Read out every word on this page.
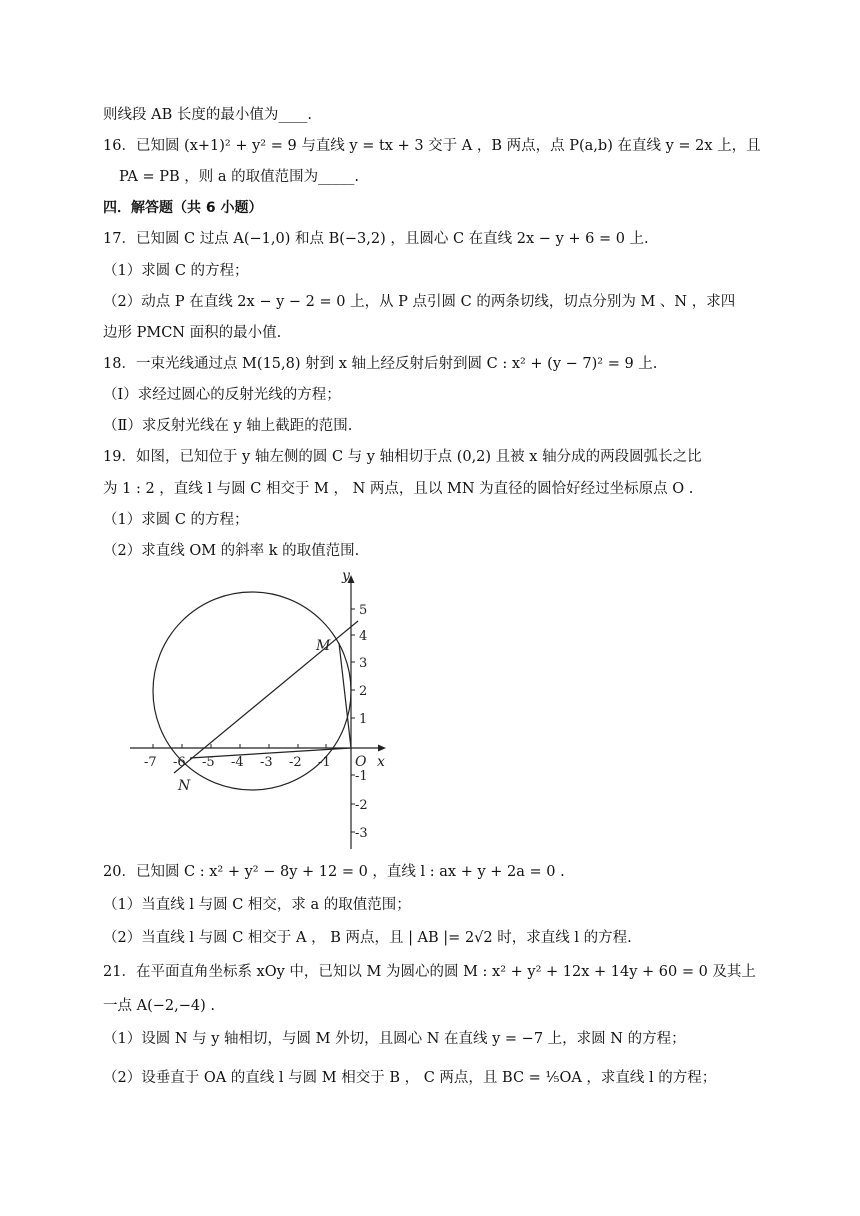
则线段 AB 长度的最小值为____.
16．已知圆 (x+1)² + y² = 9 与直线 y = tx + 3 交于 A ，B 两点，点 P(a,b) 在直线 y = 2x 上，且
PA = PB ，则 a 的取值范围为_____.
四．解答题（共 6 小题）
17．已知圆 C 过点 A(−1,0) 和点 B(−3,2) ，且圆心 C 在直线 2x − y + 6 = 0 上.
（1）求圆 C 的方程；
（2）动点 P 在直线 2x − y − 2 = 0 上，从 P 点引圆 C 的两条切线，切点分别为 M 、N ，求四
边形 PMCN 面积的最小值.
18．一束光线通过点 M(15,8) 射到 x 轴上经反射后射到圆 C : x² + (y − 7)² = 9 上.
（Ⅰ）求经过圆心的反射光线的方程；
（Ⅱ）求反射光线在 y 轴上截距的范围.
19．如图，已知位于 y 轴左侧的圆 C 与 y 轴相切于点 (0,2) 且被 x 轴分成的两段圆弧长之比
为 1 : 2 ，直线 l 与圆 C 相交于 M ， N 两点，且以 MN 为直径的圆恰好经过坐标原点 O .
（1）求圆 C 的方程；
（2）求直线 OM 的斜率 k 的取值范围.
-7 -6 -5 -4 -3 -2 -1
5
4
3
2
1
-1
-2
-3
y
x
O
M
N
20．已知圆 C : x² + y² − 8y + 12 = 0 ，直线 l : ax + y + 2a = 0 .
（1）当直线 l 与圆 C 相交，求 a 的取值范围；
（2）当直线 l 与圆 C 相交于 A ， B 两点，且 | AB |= 2√2 时，求直线 l 的方程.
21．在平面直角坐标系 xOy 中，已知以 M 为圆心的圆 M : x² + y² + 12x + 14y + 60 = 0 及其上
一点 A(−2,−4) .
（1）设圆 N 与 y 轴相切，与圆 M 外切，且圆心 N 在直线 y = −7 上，求圆 N 的方程；
（2）设垂直于 OA 的直线 l 与圆 M 相交于 B ， C 两点，且 BC = ⅕OA ，求直线 l 的方程；
